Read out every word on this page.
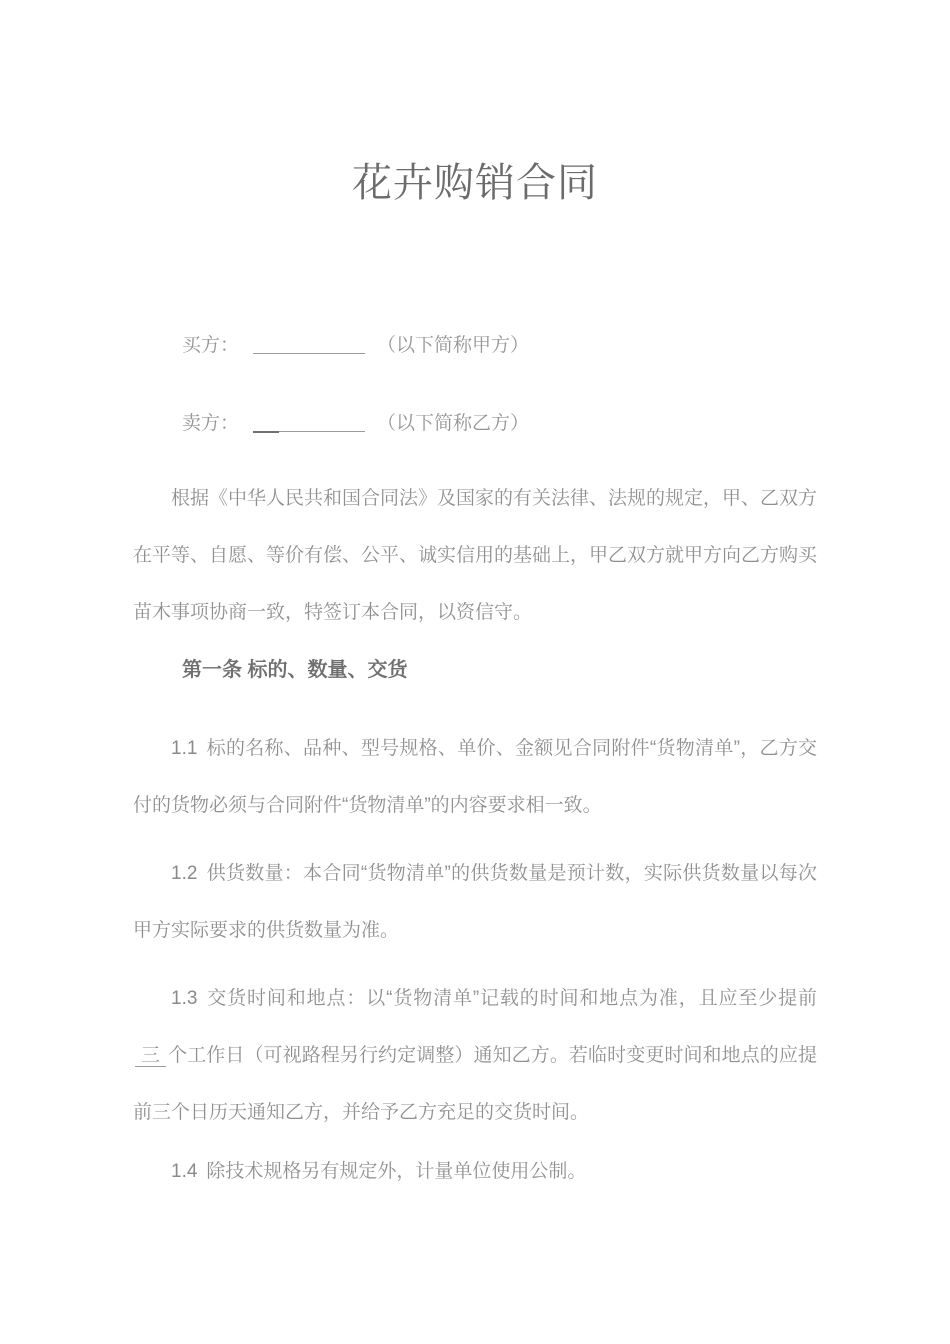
花卉购销合同
买方：	（以下简称甲方）
卖方：	（以下简称乙方）

根据《中华人民共和国合同法》及国家的有关法律、法规的规定，甲、乙双方在平等、自愿、等价有偿、公平、诚实信用的基础上，甲乙双方就甲方向乙方购买苗木事项协商一致，特签订本合同，以资信守。

第一条 标的、数量、交货

1.1 标的名称、品种、型号规格、单价、金额见合同附件“货物清单”，乙方交付的货物必须与合同附件“货物清单”的内容要求相一致。

1.2 供货数量：本合同“货物清单”的供货数量是预计数，实际供货数量以每次甲方实际要求的供货数量为准。

1.3 交货时间和地点：以“货物清单”记载的时间和地点为准，且应至少提前三 个工作日（可视路程另行约定调整）通知乙方。若临时变更时间和地点的应提前三个日历天通知乙方，并给予乙方充足的交货时间。

1.4 除技术规格另有规定外，计量单位使用公制。
